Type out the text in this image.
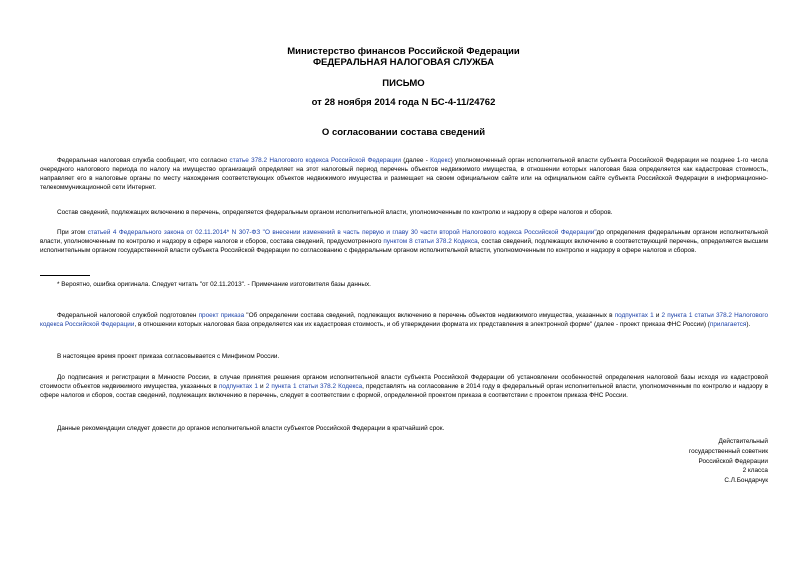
Министерство финансов Российской Федерации
ФЕДЕРАЛЬНАЯ НАЛОГОВАЯ СЛУЖБА
ПИСЬМО
от 28 ноября 2014 года N БС-4-11/24762
О согласовании состава сведений

Федеральная налоговая служба сообщает, что согласно статье 378.2 Налогового кодекса Российской Федерации (далее - Кодекс) уполномоченный орган исполнительной власти субъекта Российской Федерации не позднее 1-го числа очередного налогового периода по налогу на имущество организаций определяет на этот налоговый период перечень объектов недвижимого имущества, в отношении которых налоговая база определяется как кадастровая стоимость, направляет его в налоговые органы по месту нахождения соответствующих объектов недвижимого имущества и размещает на своем официальном сайте или на официальном сайте субъекта Российской Федерации в информационно-телекоммуникационной сети Интернет.

Состав сведений, подлежащих включению в перечень, определяется федеральным органом исполнительной власти, уполномоченным по контролю и надзору в сфере налогов и сборов.

При этом статьей 4 Федерального закона от 02.11.2014* N 307-ФЗ "О внесении изменений в часть первую и главу 30 части второй Налогового кодекса Российской Федерации"до определения федеральным органом исполнительной власти, уполномоченным по контролю и надзору в сфере налогов и сборов, состава сведений, предусмотренного пунктом 8 статьи 378.2 Кодекса, состав сведений, подлежащих включению в соответствующий перечень, определяется высшим исполнительным органом государственной власти субъекта Российской Федерации по согласованию с федеральным органом исполнительной власти, уполномоченным по контролю и надзору в сфере налогов и сборов.

* Вероятно, ошибка оригинала. Следует читать "от 02.11.2013". - Примечание изготовителя базы данных.

Федеральной налоговой службой подготовлен проект приказа "Об определении состава сведений, подлежащих включению в перечень объектов недвижимого имущества, указанных в подпунктах 1 и 2 пункта 1 статьи 378.2 Налогового кодекса Российской Федерации, в отношении которых налоговая база определяется как их кадастровая стоимость, и об утверждении формата их представления в электронной форме" (далее - проект приказа ФНС России) (прилагается).

В настоящее время проект приказа согласовывается с Минфином России.

До подписания и регистрации в Минюсте России, в случае принятия решения органом исполнительной власти субъекта Российской Федерации об установлении особенностей определения налоговой базы исходя из кадастровой стоимости объектов недвижимого имущества, указанных в подпунктах 1 и 2 пункта 1 статьи 378.2 Кодекса, представлять на согласование в 2014 году в федеральный орган исполнительной власти, уполномоченным по контролю и надзору в сфере налогов и сборов, состав сведений, подлежащих включению в перечень, следует в соответствии с формой, определенной проектом приказа в соответствии с проектом приказа ФНС России.

Данные рекомендации следует довести до органов исполнительной власти субъектов Российской Федерации в кратчайший срок.

Действительный
государственный советник
Российской Федерации
2 класса
С.Л.Бондарчук
